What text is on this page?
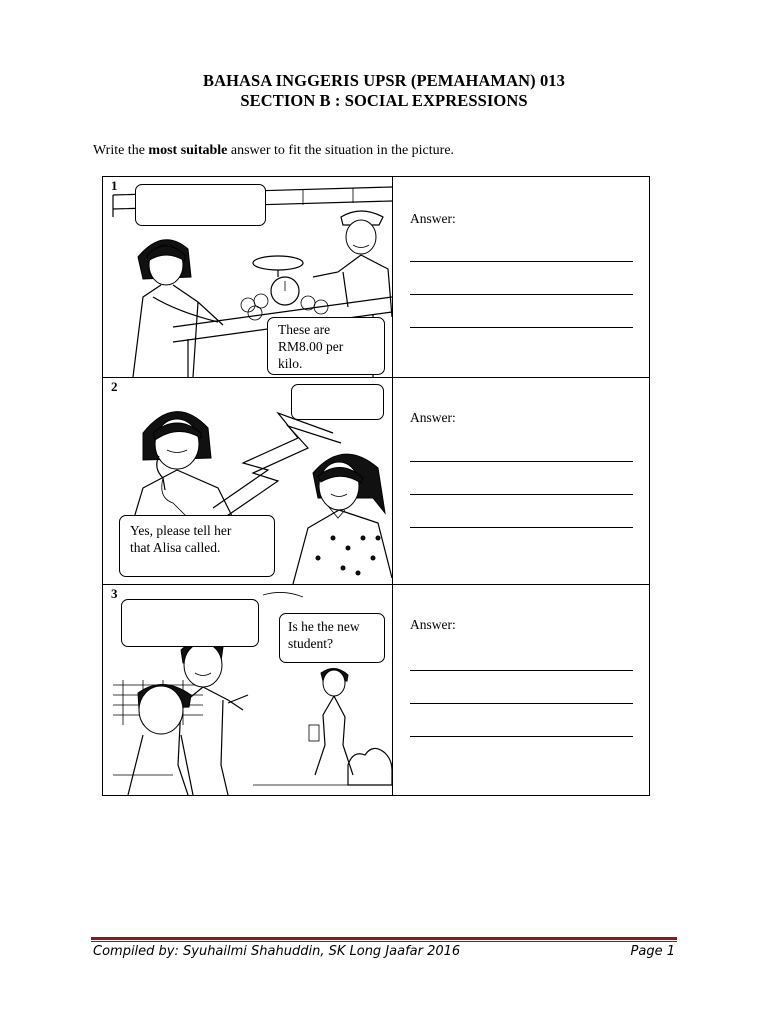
BAHASA INGGERIS UPSR (PEMAHAMAN) 013
SECTION B : SOCIAL EXPRESSIONS
Write the most suitable answer to fit the situation in the picture.
1
These are
RM8.00 per
kilo.
Answer:
2
Yes, please tell her
that Alisa called.
Answer:
3
Is he the new
student?
Answer:
Compiled by: Syuhailmi Shahuddin, SK Long Jaafar 2016	Page 1
